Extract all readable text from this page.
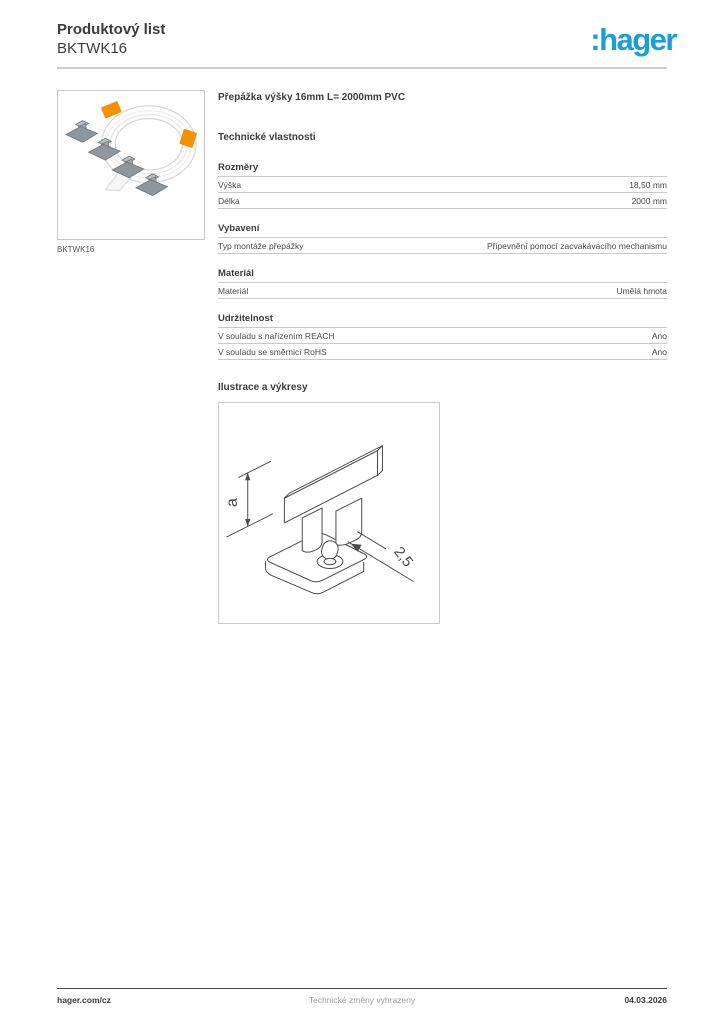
Produktový list
BKTWK16	:hager
BKTWK16
Přepážka výšky 16mm L= 2000mm PVC
Technické vlastnosti
Rozměry
Výška	18,50 mm
Délka	2000 mm
Vybavení
Typ montáže přepážky	Připevnění pomocí zacvakávacího mechanismu
Materiál
Materiál	Umělá hmota
Udržitelnost
V souladu s nařízením REACH	Ano
V souladu se směrnicí RoHS	Ano
Ilustrace a výkresy
a
2,5
Technické změny vyhrazeny
hager.com/cz	04.03.2026
